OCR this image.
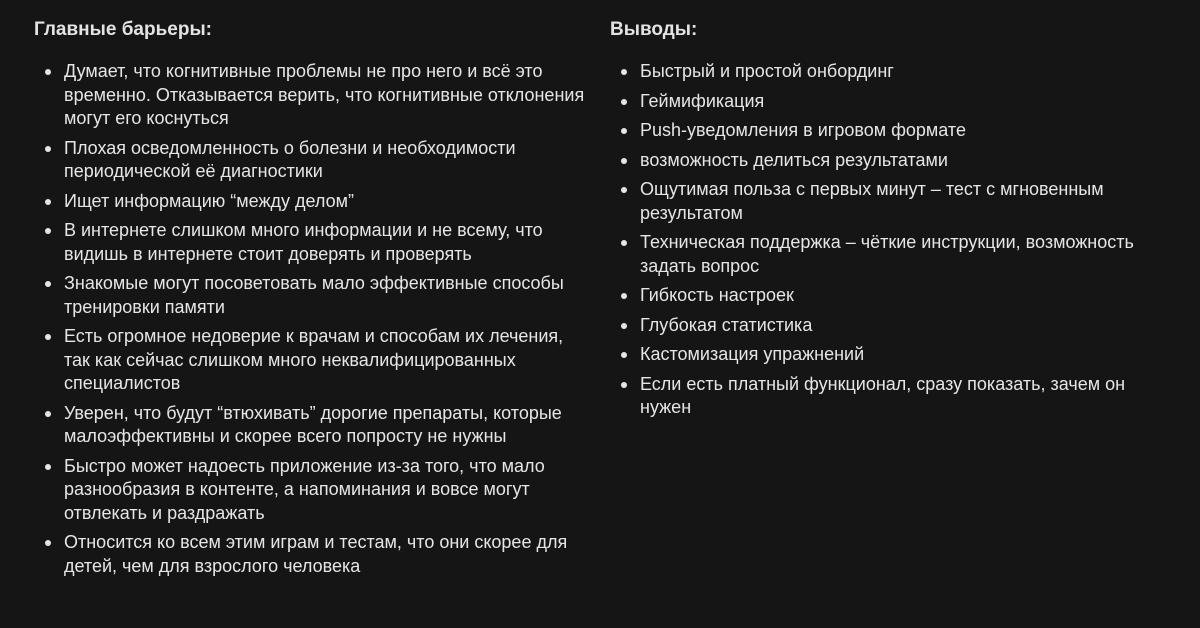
Главные барьеры:
Думает, что когнитивные проблемы не про него и всё это временно. Отказывается верить, что когнитивные отклонения могут его коснуться
Плохая осведомленность о болезни и необходимости периодической её диагностики
Ищет информацию “между делом”
В интернете слишком много информации и не всему, что видишь в интернете стоит доверять и проверять
Знакомые могут посоветовать мало эффективные способы тренировки памяти
Есть огромное недоверие к врачам и способам их лечения, так как сейчас слишком много неквалифицированных специалистов
Уверен, что будут “втюхивать” дорогие препараты, которые малоэффективны и скорее всего попросту не нужны
Быстро может надоесть приложение из-за того, что мало разнообразия в контенте, а напоминания и вовсе могут отвлекать и раздражать
Относится ко всем этим играм и тестам, что они скорее для детей, чем для взрослого человека
Выводы:
Быстрый и простой онбординг
Геймификация
Push-уведомления в игровом формате
возможность делиться результатами
Ощутимая польза с первых минут – тест с мгновенным результатом
Техническая поддержка – чёткие инструкции, возможность задать вопрос
Гибкость настроек
Глубокая статистика
Кастомизация упражнений
Если есть платный функционал, сразу показать, зачем он нужен
